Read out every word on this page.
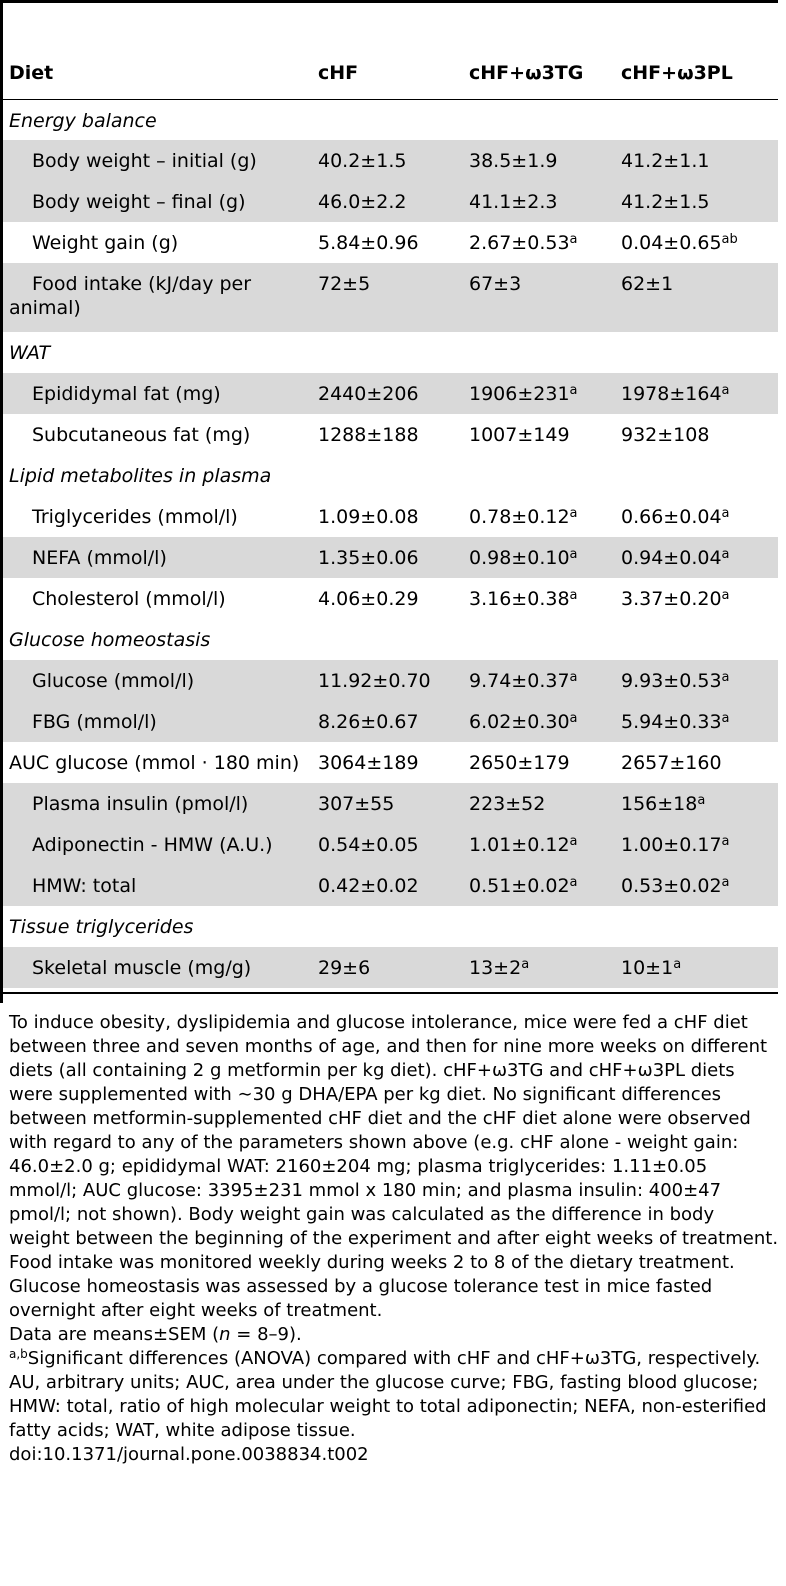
Diet	cHF	cHF+ω3TG	cHF+ω3PL
Energy balance			
Body weight – initial (g)	40.2±1.5	38.5±1.9	41.2±1.1
Body weight – final (g)	46.0±2.2	41.1±2.3	41.2±1.5
Weight gain (g)	5.84±0.96	2.67±0.53$^a$	0.04±0.65$^{ab}$
Food intake (kJ/day per animal)	72±5	67±3	62±1
WAT			
Epididymal fat (mg)	2440±206	$1906\pm 231^a$	$1978\pm 164^a$
Subcutaneous fat (mg)	1288±188	1007±149	932±108
Lipid metabolites in plasma			
Triglycerides (mmol/l)	1.09±0.08	0.78±0.12$^a$	0.66±0.04$^a$
NEFA (mmol/l)	1.35±0.06	0.98±0.10$^a$	0.94±0.04$^a$
Cholesterol (mmol/l)	4.06±0.29	3.16±0.38$^a$	3.37±0.20$^a$
Glucose homeostasis			
Glucose (mmol/l)	11.92±0.70	9.74±0.37$^a$	9.93±0.53$^a$
FBG (mmol/l)	8.26±0.67	6.02±0.30$^a$	5.94±0.33$^a$
AUC glucose (mmol · 180 min)	3064±189	2650±179	2657±160
Plasma insulin (pmol/l)	307±55	223±52	$156\pm 18^a$
Adiponectin - HMW (A.U.)	0.54±0.05	1.01±0.12$^a$	1.00±0.17$^a$
HMW: total	0.42±0.02	0.51±0.02$^a$	0.53±0.02$^a$
Tissue triglycerides			
Skeletal muscle (mg/g)	29±6	$13\pm 2^a$	$10\pm 1^a$

To induce obesity, dyslipidemia and glucose intolerance, mice were fed a cHF diet between three and seven months of age, and then for nine more weeks on different diets (all containing 2 g metformin per kg diet). cHF+ω3TG and cHF+ω3PL diets were supplemented with ∼30 g DHA/EPA per kg diet. No significant differences between metformin-supplemented cHF diet and the cHF diet alone were observed with regard to any of the parameters shown above (e.g. cHF alone - weight gain: 46.0±2.0 g; epididymal WAT: 2160±204 mg; plasma triglycerides: 1.11±0.05 mmol/l; AUC glucose: 3395±231 mmol x 180 min; and plasma insulin: 400±47 pmol/l; not shown). Body weight gain was calculated as the difference in body weight between the beginning of the experiment and after eight weeks of treatment. Food intake was monitored weekly during weeks 2 to 8 of the dietary treatment. Glucose homeostasis was assessed by a glucose tolerance test in mice fasted overnight after eight weeks of treatment.

Data are means±SEM (n = 8–9).

$^{a,b}$Significant differences (ANOVA) compared with cHF and cHF+ω3TG, respectively. AU, arbitrary units; AUC, area under the glucose curve; FBG, fasting blood glucose; HMW: total, ratio of high molecular weight to total adiponectin; NEFA, non-esterified fatty acids; WAT, white adipose tissue.

doi:10.1371/journal.pone.0038834.t002
